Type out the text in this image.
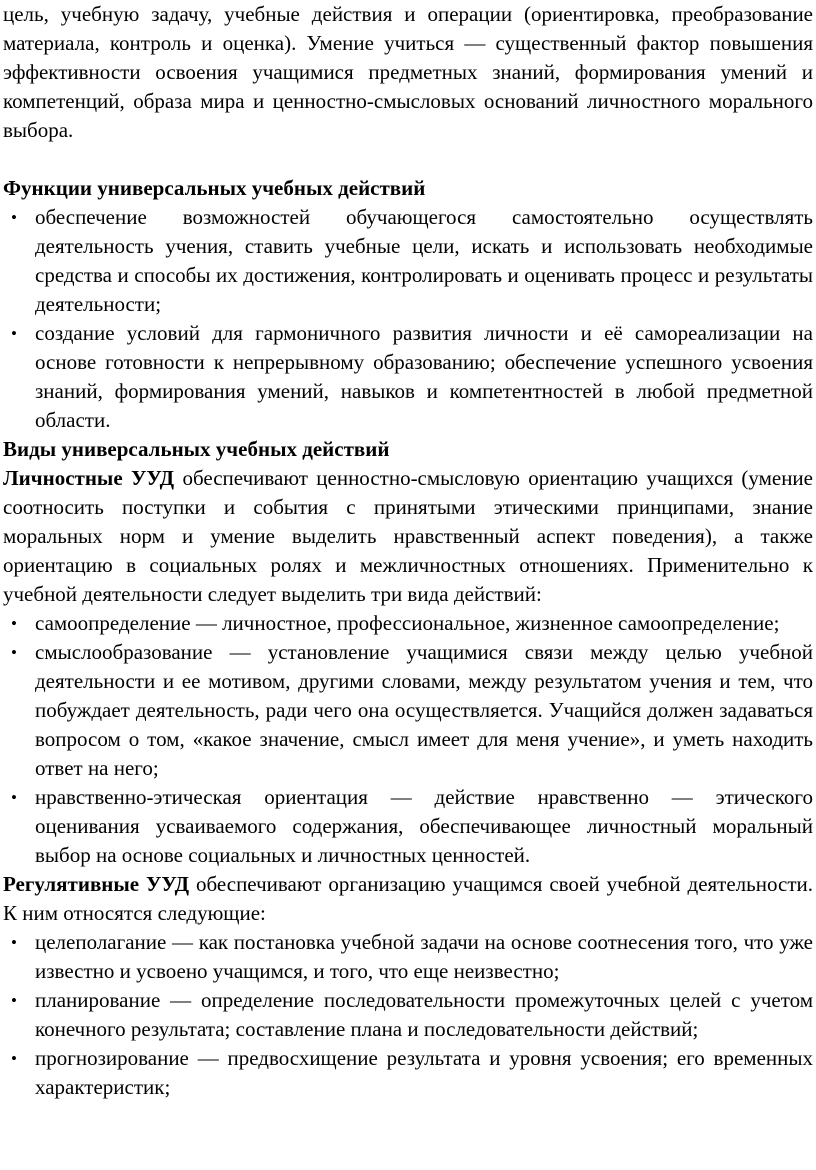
цель, учебную задачу, учебные действия и операции (ориентировка, преобразование материала, контроль и оценка). Умение учиться — существенный фактор повышения эффективности освоения учащимися предметных знаний, формирования умений и компетенций, образа мира и ценностно-смысловых оснований личностного морального выбора.

Функции универсальных учебных действий

• обеспечение возможностей обучающегося самостоятельно осуществлять деятельность учения, ставить учебные цели, искать и использовать необходимые средства и способы их достижения, контролировать и оценивать процесс и результаты деятельности;
• создание условий для гармоничного развития личности и её самореализации на основе готовности к непрерывному образованию; обеспечение успешного усвоения знаний, формирования умений, навыков и компетентностей в любой предметной области.

Виды универсальных учебных действий

Личностные УУД обеспечивают ценностно-смысловую ориентацию учащихся (умение соотносить поступки и события с принятыми этическими принципами, знание моральных норм и умение выделить нравственный аспект поведения), а также ориентацию в социальных ролях и межличностных отношениях. Применительно к учебной деятельности следует выделить три вида действий:

• самоопределение — личностное, профессиональное, жизненное самоопределение;
• смыслообразование — установление учащимися связи между целью учебной деятельности и ее мотивом, другими словами, между результатом учения и тем, что побуждает деятельность, ради чего она осуществляется. Учащийся должен задаваться вопросом о том, «какое значение, смысл имеет для меня учение», и уметь находить ответ на него;
• нравственно-этическая ориентация — действие нравственно — этического оценивания усваиваемого содержания, обеспечивающее личностный моральный выбор на основе социальных и личностных ценностей.

Регулятивные УУД обеспечивают организацию учащимся своей учебной деятельности. К ним относятся следующие:

• целеполагание — как постановка учебной задачи на основе соотнесения того, что уже известно и усвоено учащимся, и того, что еще неизвестно;
• планирование — определение последовательности промежуточных целей с учетом конечного результата; составление плана и последовательности действий;
• прогнозирование — предвосхищение результата и уровня усвоения; его временных характеристик;
